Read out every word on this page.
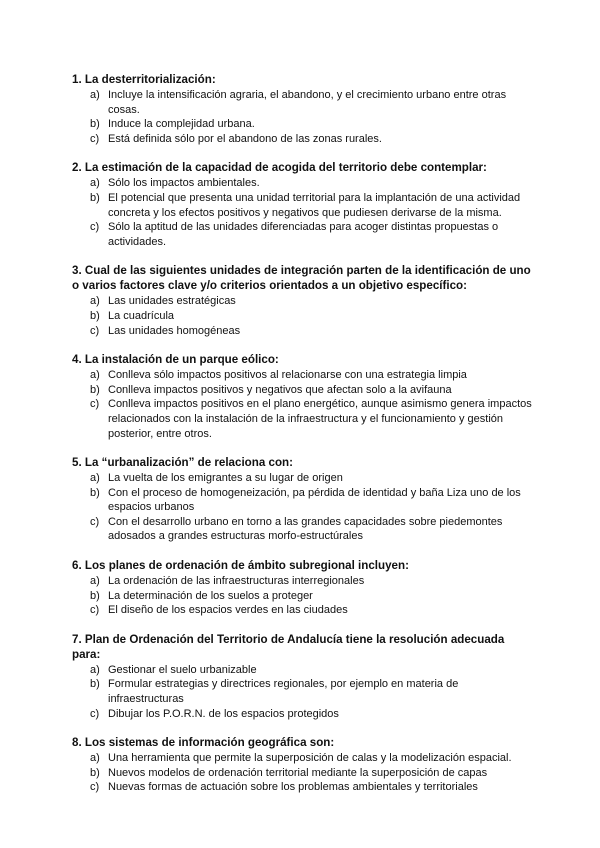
1. La desterritorialización:
a) Incluye la intensificación agraria, el abandono, y el crecimiento urbano entre otras cosas.
b) Induce la complejidad urbana.
c) Está definida sólo por el abandono de las zonas rurales.
2. La estimación de la capacidad de acogida del territorio debe contemplar:
a) Sólo los impactos ambientales.
b) El potencial que presenta una unidad territorial para la implantación de una actividad concreta y los efectos positivos y negativos que pudiesen derivarse de la misma.
c) Sólo la aptitud de las unidades diferenciadas para acoger distintas propuestas o actividades.
3. Cual de las siguientes unidades de integración parten de la identificación de uno o varios factores clave y/o criterios orientados a un objetivo específico:
a) Las unidades estratégicas
b) La cuadrícula
c) Las unidades homogéneas
4. La instalación de un parque eólico:
a) Conlleva sólo impactos positivos al relacionarse con una estrategia limpia
b) Conlleva impactos positivos y negativos que afectan solo a la avifauna
c) Conlleva impactos positivos en el plano energético, aunque asimismo genera impactos relacionados con la instalación de la infraestructura y el funcionamiento y gestión posterior, entre otros.
5. La “urbanalización” de relaciona con:
a) La vuelta de los emigrantes a su lugar de origen
b) Con el proceso de homogeneización, pa pérdida de identidad y baña Liza uno de los espacios urbanos
c) Con el desarrollo urbano en torno a las grandes capacidades sobre piedemontes adosados a grandes estructuras morfo-estructúrales
6. Los planes de ordenación de ámbito subregional incluyen:
a) La ordenación de las infraestructuras interregionales
b) La determinación de los suelos a proteger
c) El diseño de los espacios verdes en las ciudades
7. Plan de Ordenación del Territorio de Andalucía tiene la resolución adecuada para:
a) Gestionar el suelo urbanizable
b) Formular estrategias y directrices regionales, por ejemplo en materia de infraestructuras
c) Dibujar los P.O.R.N. de los espacios protegidos
8. Los sistemas de información geográfica son:
a) Una herramienta que permite la superposición de calas y la modelización espacial.
b) Nuevos modelos de ordenación territorial mediante la superposición de capas
c) Nuevas formas de actuación sobre los problemas ambientales y territoriales
